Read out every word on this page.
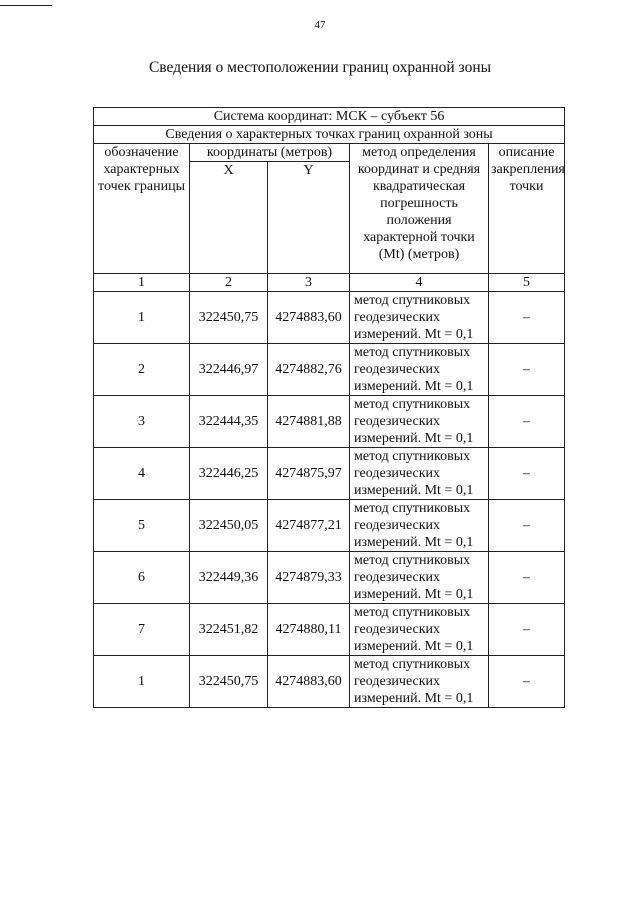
47
Сведения о местоположении границ охранной зоны
Система координат: МСК – субъект 56				
Сведения о характерных точках границ охранной зоны				
обозначение характерных точек границы	координаты (метров)		метод определения координат и средняя квадратическая погрешность положения характерной точки (Mt) (метров)	описание закрепления точки
	X	Y		
1	2	3	4	5
1	322450,75	4274883,60	метод спутниковых
геодезических
измерений. Mt = 0,1	–
2	322446,97	4274882,76	метод спутниковых
геодезических
измерений. Mt = 0,1	–
3	322444,35	4274881,88	метод спутниковых
геодезических
измерений. Mt = 0,1	–
4	322446,25	4274875,97	метод спутниковых
геодезических
измерений. Mt = 0,1	–
5	322450,05	4274877,21	метод спутниковых
геодезических
измерений. Mt = 0,1	–
6	322449,36	4274879,33	метод спутниковых
геодезических
измерений. Mt = 0,1	–
7	322451,82	4274880,11	метод спутниковых
геодезических
измерений. Mt = 0,1	–
1	322450,75	4274883,60	метод спутниковых
геодезических
измерений. Mt = 0,1	–
